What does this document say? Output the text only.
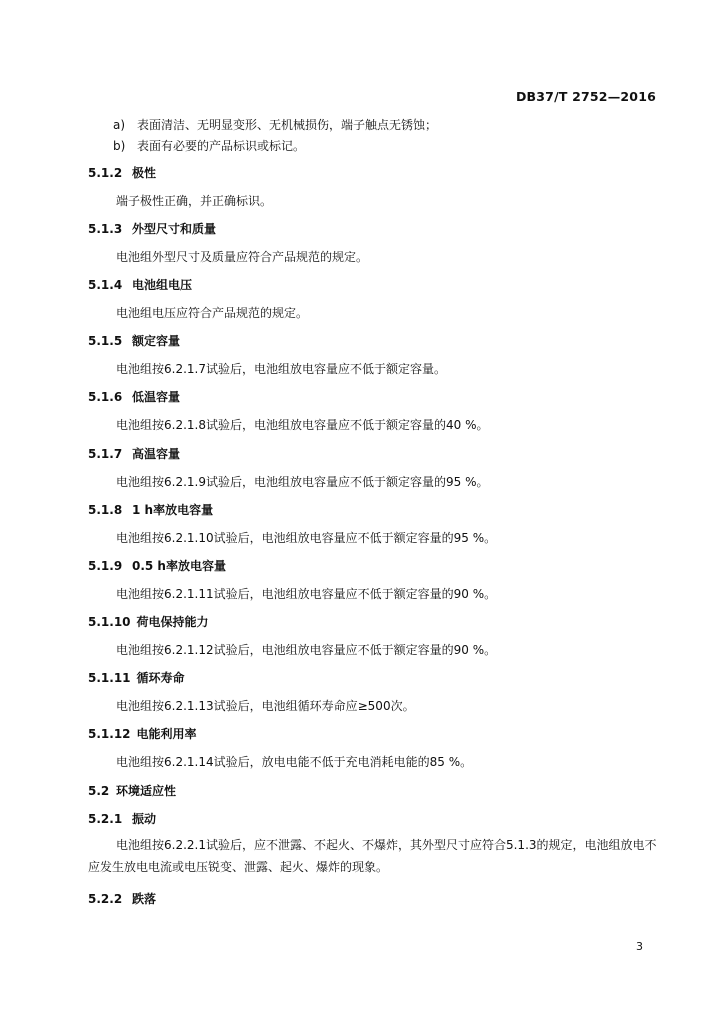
DB37/T 2752—2016
a) 表面清洁、无明显变形、无机械损伤，端子触点无锈蚀；
b) 表面有必要的产品标识或标记。
5.1.2 极性
端子极性正确，并正确标识。
5.1.3 外型尺寸和质量
电池组外型尺寸及质量应符合产品规范的规定。
5.1.4 电池组电压
电池组电压应符合产品规范的规定。
5.1.5 额定容量
电池组按6.2.1.7试验后，电池组放电容量应不低于额定容量。
5.1.6 低温容量
电池组按6.2.1.8试验后，电池组放电容量应不低于额定容量的40 %。
5.1.7 高温容量
电池组按6.2.1.9试验后，电池组放电容量应不低于额定容量的95 %。
5.1.8 1 h率放电容量
电池组按6.2.1.10试验后，电池组放电容量应不低于额定容量的95 %。
5.1.9 0.5 h率放电容量
电池组按6.2.1.11试验后，电池组放电容量应不低于额定容量的90 %。
5.1.10 荷电保持能力
电池组按6.2.1.12试验后，电池组放电容量应不低于额定容量的90 %。
5.1.11 循环寿命
电池组按6.2.1.13试验后，电池组循环寿命应≥500次。
5.1.12 电能利用率
电池组按6.2.1.14试验后，放电电能不低于充电消耗电能的85 %。
5.2 环境适应性
5.2.1 振动
电池组按6.2.2.1试验后，应不泄露、不起火、不爆炸，其外型尺寸应符合5.1.3的规定，电池组放电不应发生放电电流或电压锐变、泄露、起火、爆炸的现象。
5.2.2 跌落
3
